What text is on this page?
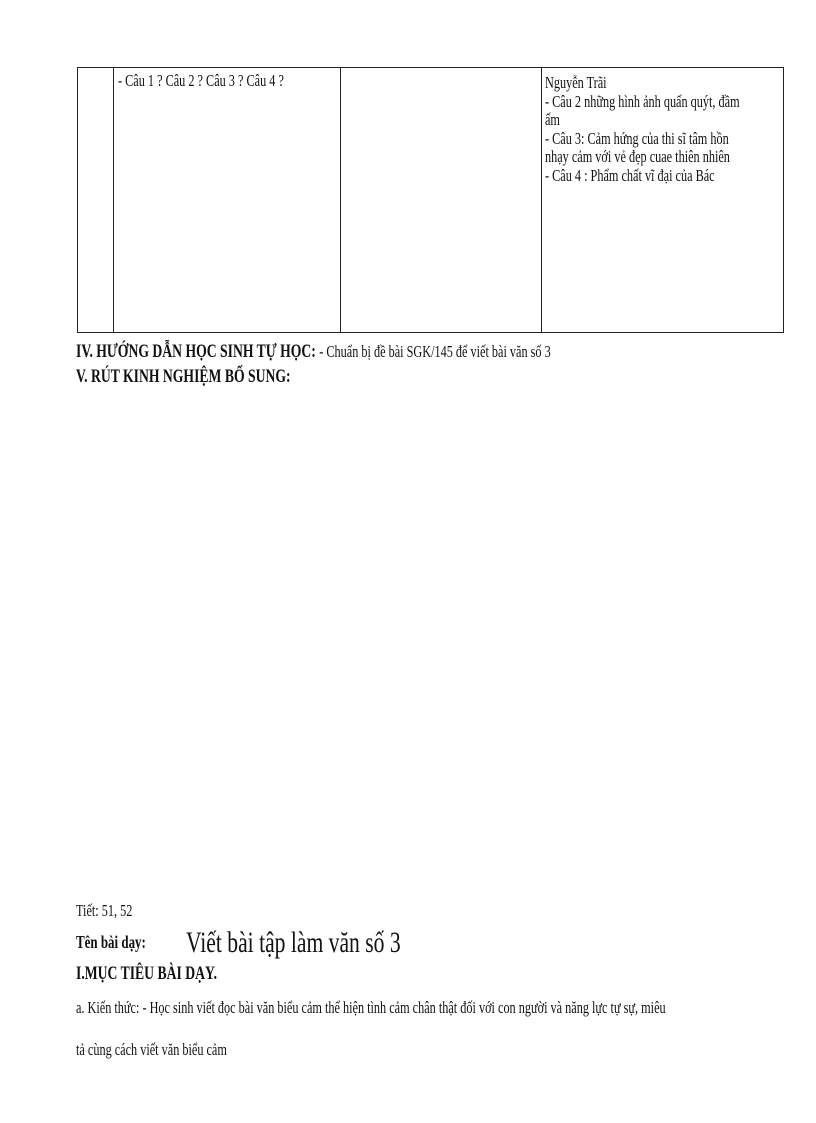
- Câu 1 ? Câu 2 ? Câu 3 ? Câu 4 ?	Nguyễn Trãi
- Câu 2 những hình ảnh quấn quýt, đầm
ấm
- Câu 3: Cảm hứng của thi sĩ tâm hồn
nhạy cảm với vẻ đẹp cuae thiên nhiên
- Câu 4 : Phẩm chất vĩ đại của Bác
IV. HƯỚNG DẪN HỌC SINH TỰ HỌC: - Chuẩn bị đề bài SGK/145 để viết bài văn số 3
V. RÚT KINH NGHIỆM BỔ SUNG:
Tiết: 51, 52
Tên bài dạy:	Viết bài tập làm văn số 3
I.MỤC TIÊU BÀI DẠY.
a. Kiến thức: - Học sinh viết đọc bài văn biểu cảm thể hiện tình cảm chân thật đối với con người và năng lực tự sự, miêu
tả cùng cách viết văn biểu cảm
